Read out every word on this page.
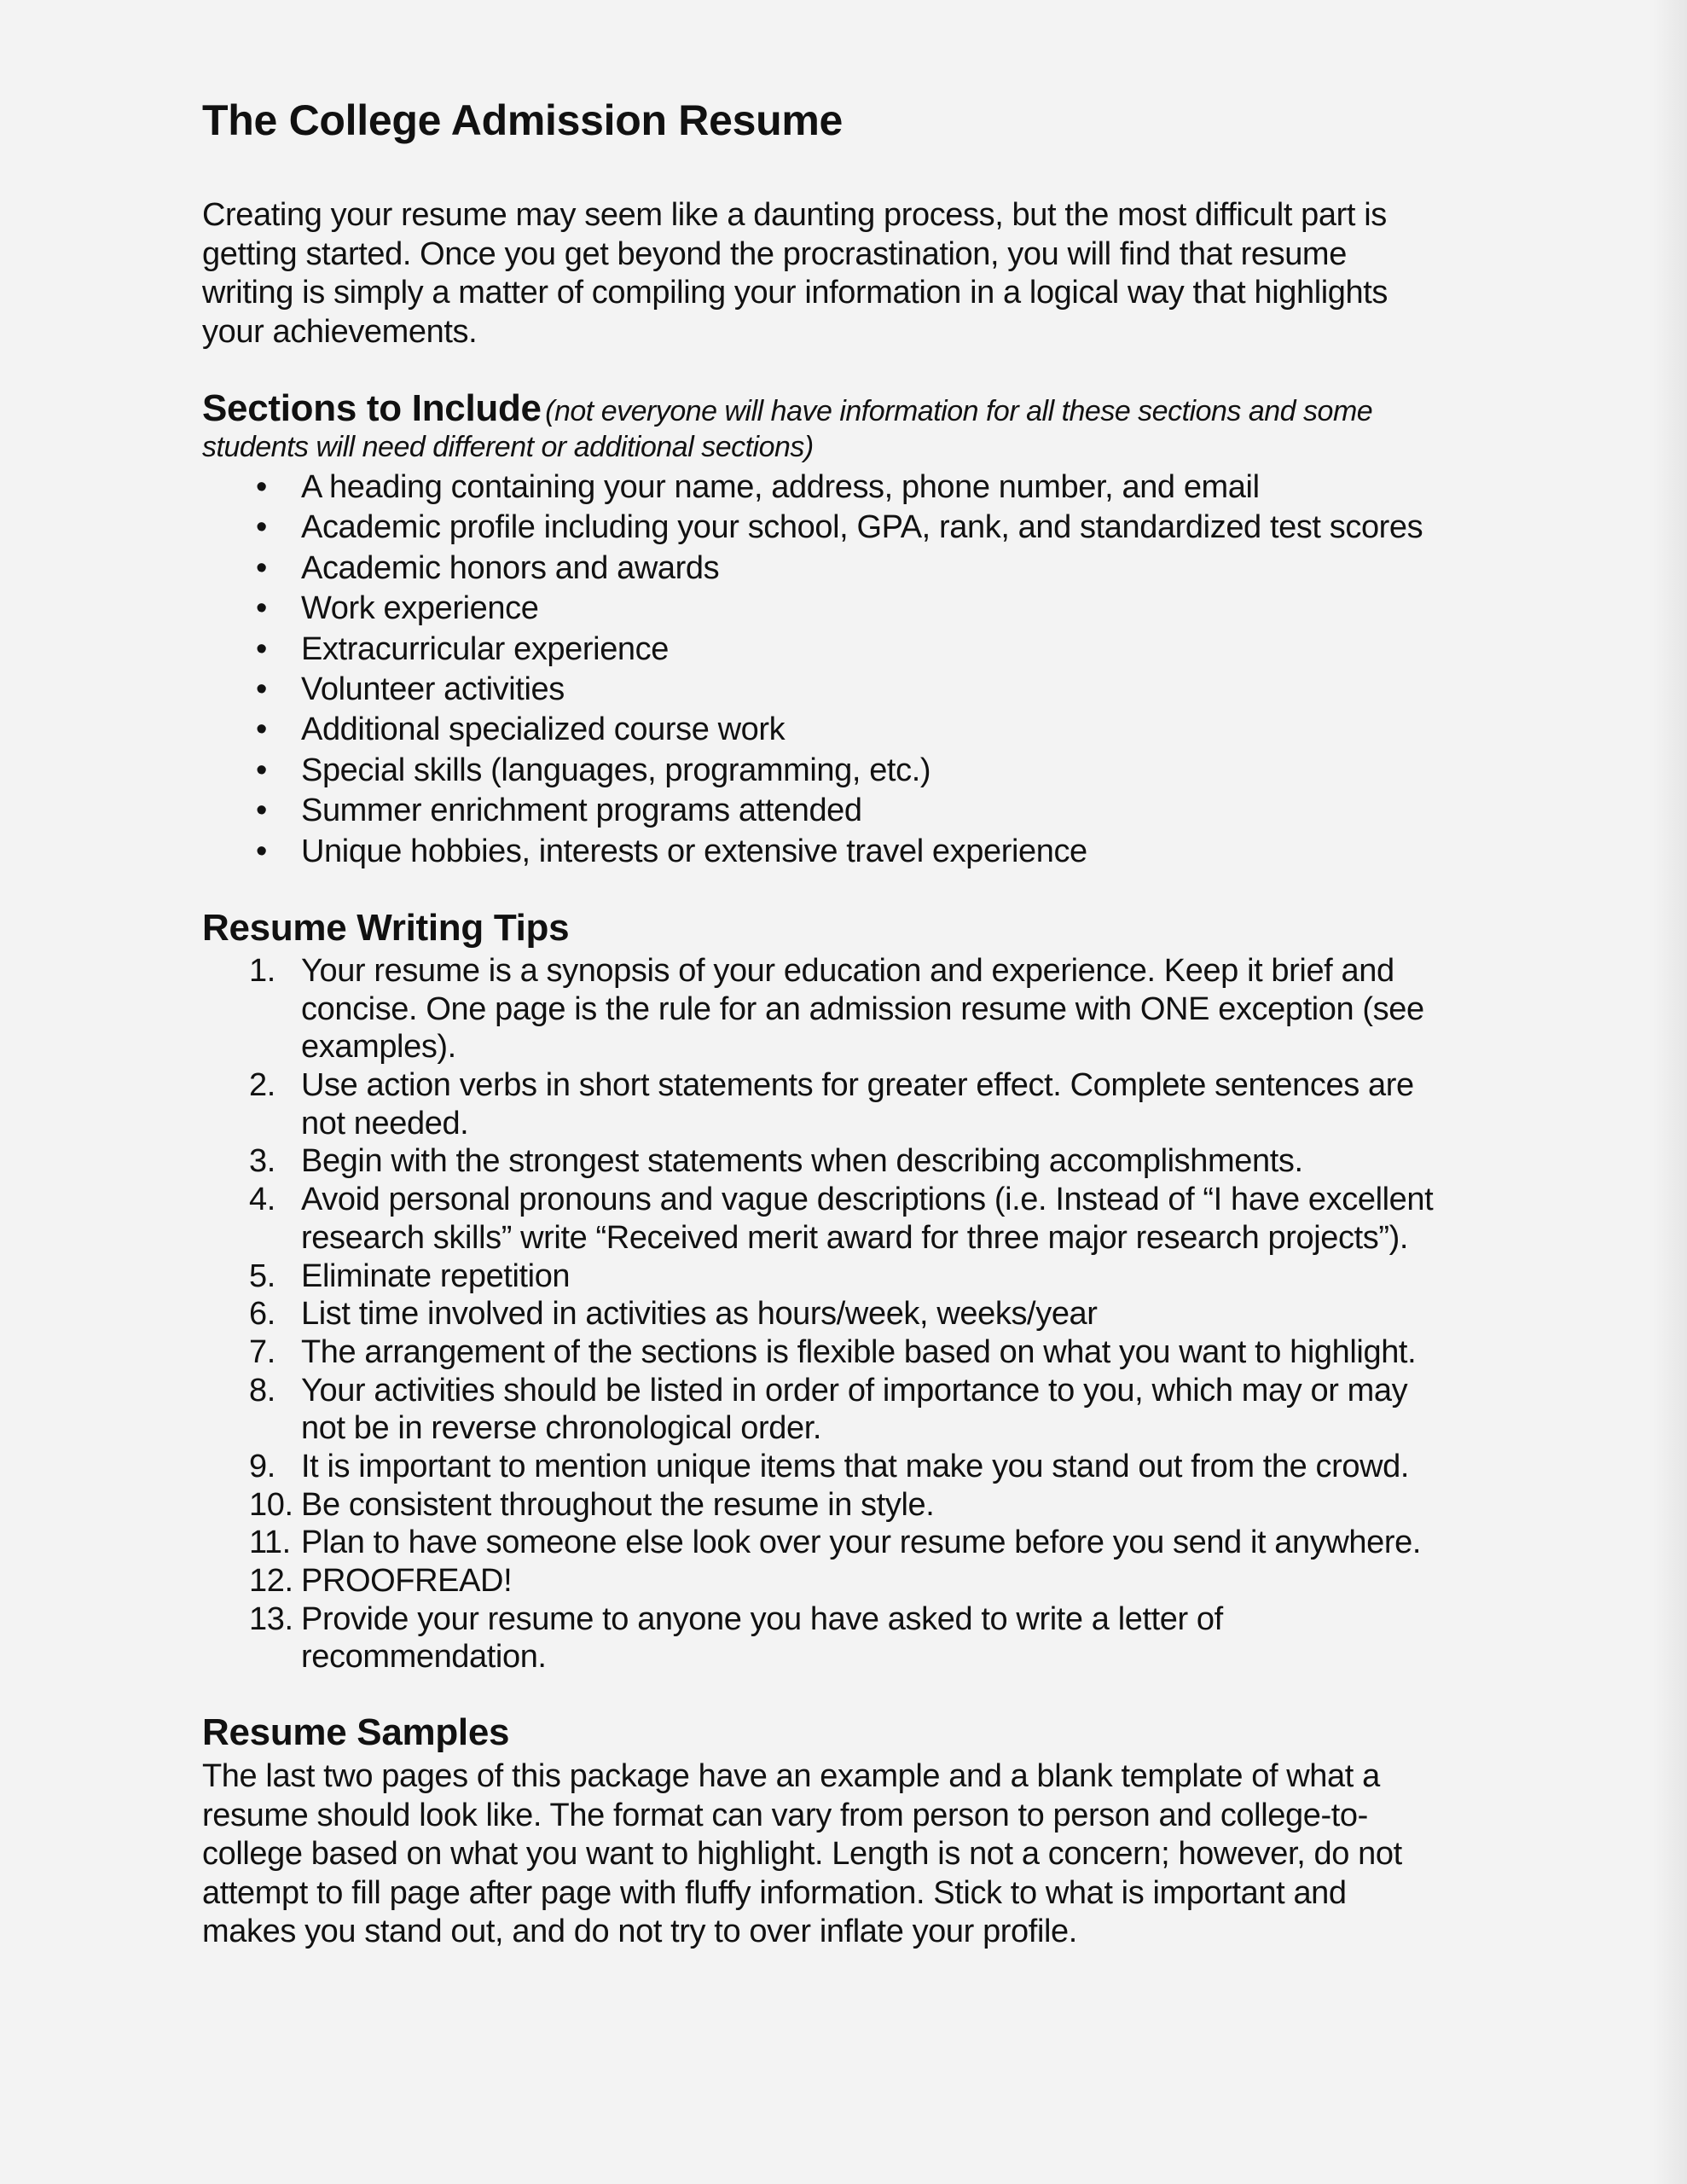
The College Admission Resume
Creating your resume may seem like a daunting process, but the most difficult part is
getting started. Once you get beyond the procrastination, you will find that resume
writing is simply a matter of compiling your information in a logical way that highlights
your achievements.
Sections to Include (not everyone will have information for all these sections and some
students will need different or additional sections)
• A heading containing your name, address, phone number, and email
• Academic profile including your school, GPA, rank, and standardized test scores
• Academic honors and awards
• Work experience
• Extracurricular experience
• Volunteer activities
• Additional specialized course work
• Special skills (languages, programming, etc.)
• Summer enrichment programs attended
• Unique hobbies, interests or extensive travel experience
Resume Writing Tips
1. Your resume is a synopsis of your education and experience. Keep it brief and
concise. One page is the rule for an admission resume with ONE exception (see
examples).
2. Use action verbs in short statements for greater effect. Complete sentences are
not needed.
3. Begin with the strongest statements when describing accomplishments.
4. Avoid personal pronouns and vague descriptions (i.e. Instead of “I have excellent
research skills” write “Received merit award for three major research projects”).
5. Eliminate repetition
6. List time involved in activities as hours/week, weeks/year
7. The arrangement of the sections is flexible based on what you want to highlight.
8. Your activities should be listed in order of importance to you, which may or may
not be in reverse chronological order.
9. It is important to mention unique items that make you stand out from the crowd.
10. Be consistent throughout the resume in style.
11. Plan to have someone else look over your resume before you send it anywhere.
12. PROOFREAD!
13. Provide your resume to anyone you have asked to write a letter of
recommendation.
Resume Samples
The last two pages of this package have an example and a blank template of what a
resume should look like. The format can vary from person to person and college-to-
college based on what you want to highlight. Length is not a concern; however, do not
attempt to fill page after page with fluffy information. Stick to what is important and
makes you stand out, and do not try to over inflate your profile.
